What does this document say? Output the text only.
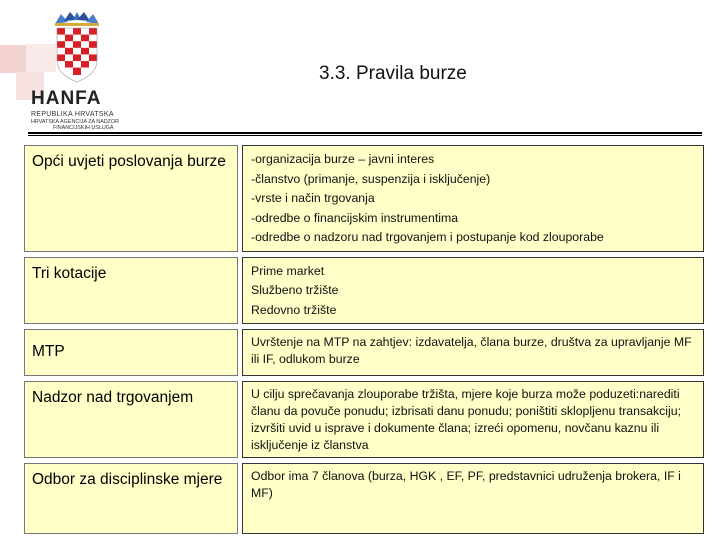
HANFA
REPUBLIKA HRVATSKA
HRVATSKA AGENCIJA ZA NADZOR
FINANCIJSKIH USLUGA
3.3. Pravila burze
Opći uvjeti poslovanja burze		-organizacija burze – javni interes
-članstvo (primanje, suspenzija i isključenje)
-vrste i način trgovanja
-odredbe o financijskim instrumentima
-odredbe o nadzoru nad trgovanjem i postupanje kod zlouporabe

Tri kotacije		Prime market
Službeno tržište
Redovno tržište

MTP		Uvrštenje na MTP na zahtjev: izdavatelja, člana burze, društva za upravljanje MF ili IF, odlukom burze

Nadzor nad trgovanjem		U cilju sprečavanja zlouporabe tržišta, mjere koje burza može poduzeti:narediti članu da povuče ponudu; izbrisati danu ponudu; poništiti sklopljenu transakciju; izvršiti uvid u isprave i dokumente člana; izreći opomenu, novčanu kaznu ili isključenje iz članstva

Odbor za disciplinske mjere		Odbor ima 7 članova (burza, HGK , EF, PF, predstavnici udruženja brokera, IF i MF)
